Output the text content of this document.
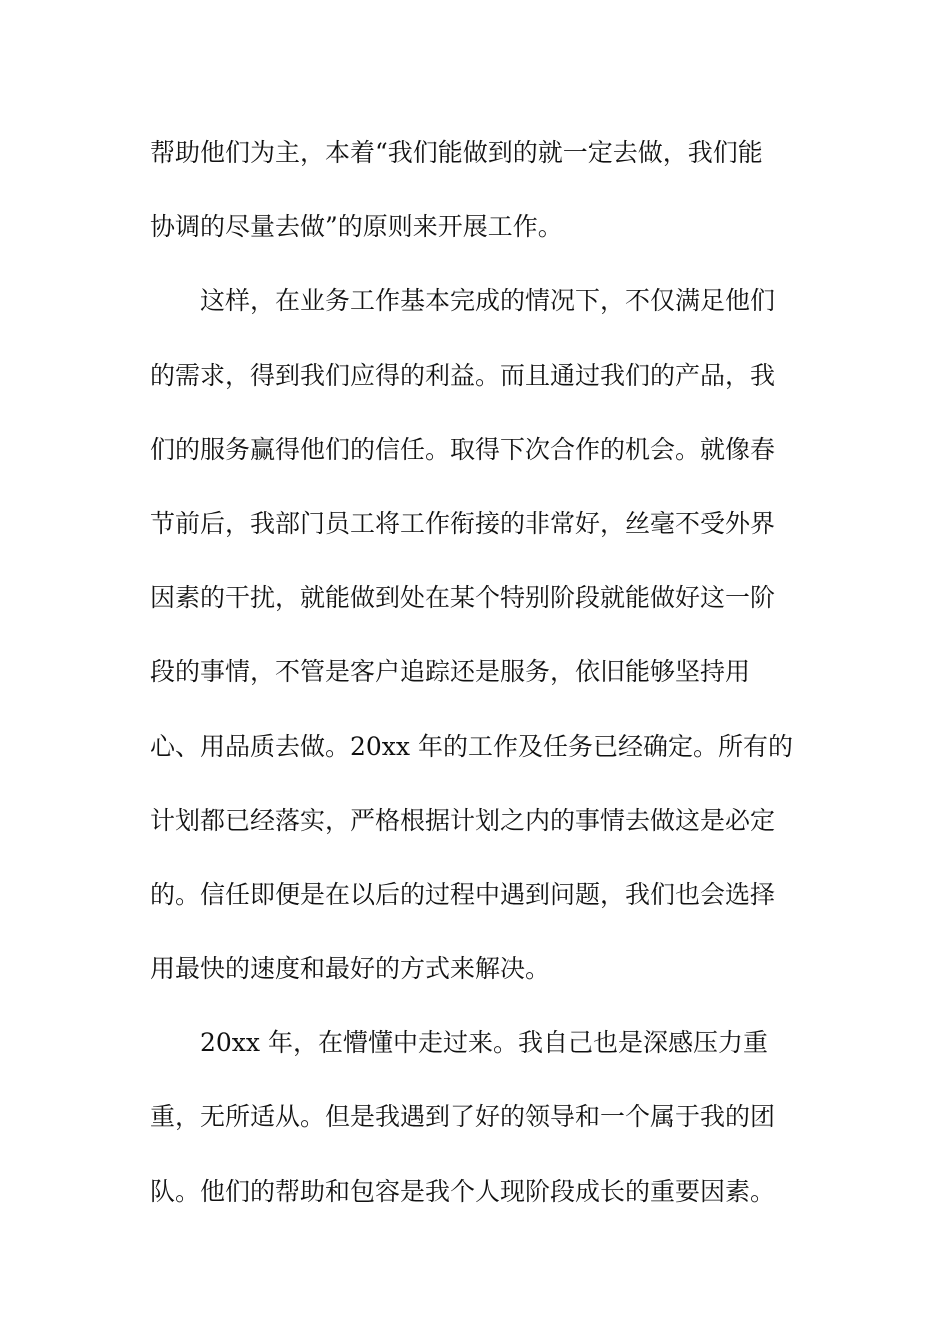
帮助他们为主，本着“我们能做到的就一定去做，我们能
协调的尽量去做”的原则来开展工作。
这样，在业务工作基本完成的情况下，不仅满足他们
的需求，得到我们应得的利益。而且通过我们的产品，我
们的服务赢得他们的信任。取得下次合作的机会。就像春
节前后，我部门员工将工作衔接的非常好，丝毫不受外界
因素的干扰，就能做到处在某个特别阶段就能做好这一阶
段的事情，不管是客户追踪还是服务，依旧能够坚持用
心、用品质去做。20xx 年的工作及任务已经确定。所有的
计划都已经落实，严格根据计划之内的事情去做这是必定
的。信任即便是在以后的过程中遇到问题，我们也会选择
用最快的速度和最好的方式来解决。
20xx 年，在懵懂中走过来。我自己也是深感压力重
重，无所适从。但是我遇到了好的领导和一个属于我的团
队。他们的帮助和包容是我个人现阶段成长的重要因素。
